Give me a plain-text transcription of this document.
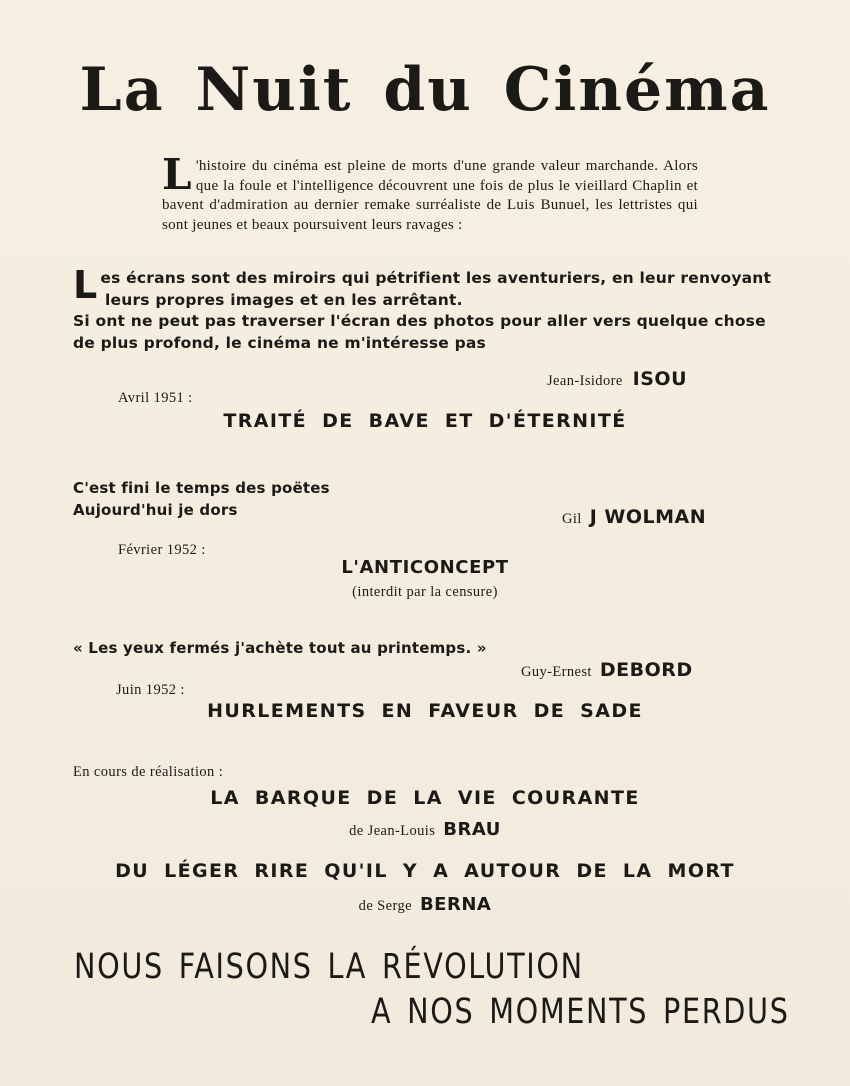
La Nuit du Cinéma
L 'histoire du cinéma est pleine de morts d'une grande valeur marchande. Alors que la foule et l'intelligence découvrent une fois de plus le vieillard Chaplin et bavent d'admiration au dernier remake surréaliste de Luis Bunuel, les lettristes qui sont jeunes et beaux poursuivent leurs ravages :
Les écrans sont des miroirs qui pétrifient les aventuriers, en leur renvoyant
leurs propres images et en les arrêtant.
Si ont ne peut pas traverser l'écran des photos pour aller vers quelque chose
de plus profond, le cinéma ne m'intéresse pas
Jean-Isidore ISOU
Avril 1951 :
TRAITÉ DE BAVE ET D'ÉTERNITÉ
C'est fini le temps des poëtes
Aujourd'hui je dors
Gil J WOLMAN
Février 1952 :
L'ANTICONCEPT
(interdit par la censure)
« Les yeux fermés j'achète tout au printemps. »
Guy-Ernest DEBORD
Juin 1952 :
HURLEMENTS EN FAVEUR DE SADE
En cours de réalisation :
LA BARQUE DE LA VIE COURANTE
de Jean-Louis BRAU
DU LÉGER RIRE QU'IL Y A AUTOUR DE LA MORT
de Serge BERNA
NOUS FAISONS LA RÉVOLUTION
A NOS MOMENTS PERDUS
